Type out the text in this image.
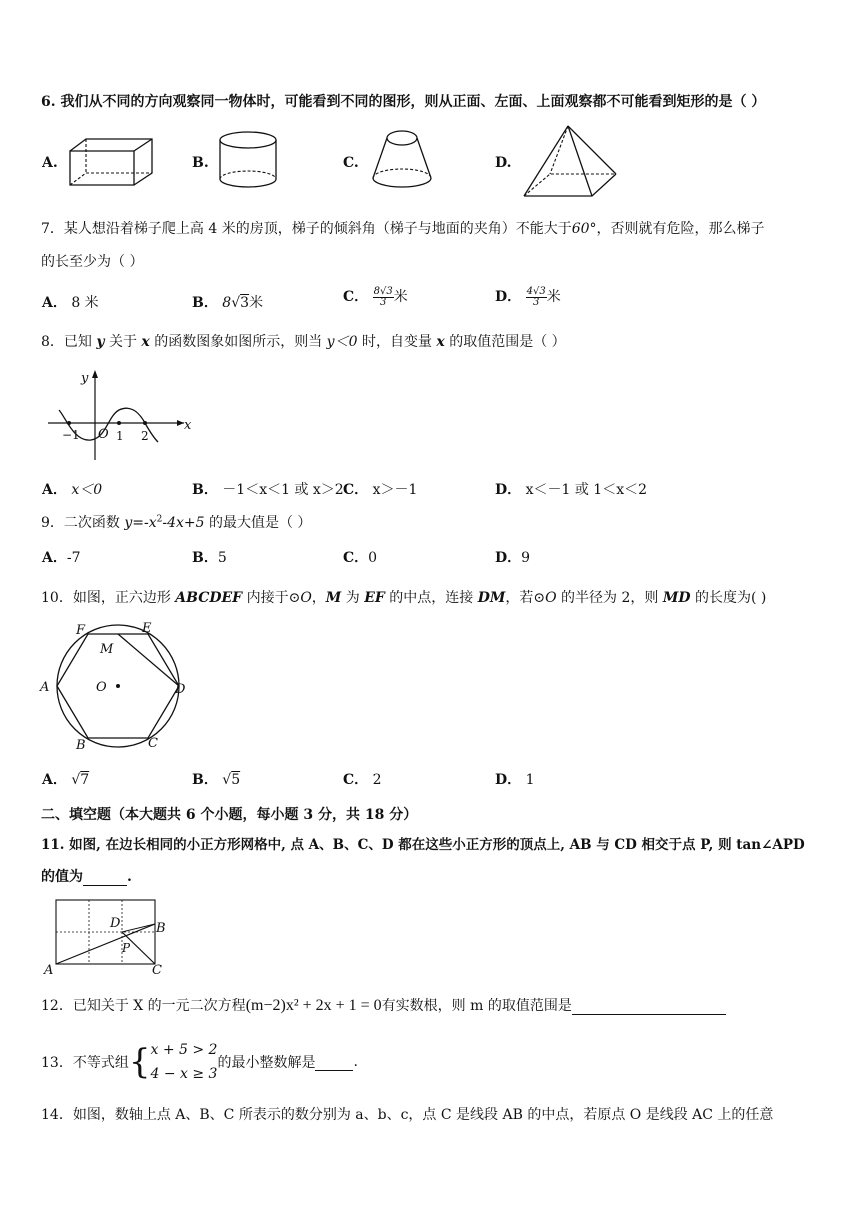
6. 我们从不同的方向观察同一物体时，可能看到不同的图形，则从正面、左面、上面观察都不可能看到矩形的是（ ）
A.	B.	C.	D.
7．某人想沿着梯子爬上高 4 米的房顶，梯子的倾斜角（梯子与地面的夹角）不能大于60°，否则就有危险，那么梯子
的长至少为（ ）
A． 8 米	B． 8√3米	C． $\frac{8√3}{3}$ 米	D． $\frac{4√3}{3}$ 米
8．已知 y 关于 x 的函数图象如图所示，则当 y＜0 时，自变量 x 的取值范围是（ ）
y
x
O
−1	1 2
A． x＜0	B． －1＜x＜1 或 x＞2 C． x＞－1	D． x＜－1 或 1＜x＜2
9．二次函数 $y=-x^2-4x+5$ 的最大值是（ ）
A．-7	B．5	C．0	D．9
10．如图，正六边形 ABCDEF 内接于⊙O，M 为 EF 的中点，连接 DM，若⊙O 的半径为 2，则 MD 的长度为( )
F	E
M
A	O	D
B	C
A． √7	B． √5	C． 2	D． 1
二、填空题（本大题共 6 个小题，每小题 3 分，共 18 分）
11. 如图, 在边长相同的小正方形网格中, 点 A、B、C、D 都在这些小正方形的顶点上, AB 与 CD 相交于点 P, 则 tan∠APD
的值为	.
D	B
P
A	C
12．已知关于 X 的一元二次方程(m−2)x² + 2x + 1 = 0有实数根，则 m 的取值范围是
13．不等式组{ x + 5 > 2
4 − x ≥ 3
的最小整数解是	.
14．如图，数轴上点 A、B、C 所表示的数分别为 a、b、c，点 C 是线段 AB 的中点，若原点 O 是线段 AC 上的任意
